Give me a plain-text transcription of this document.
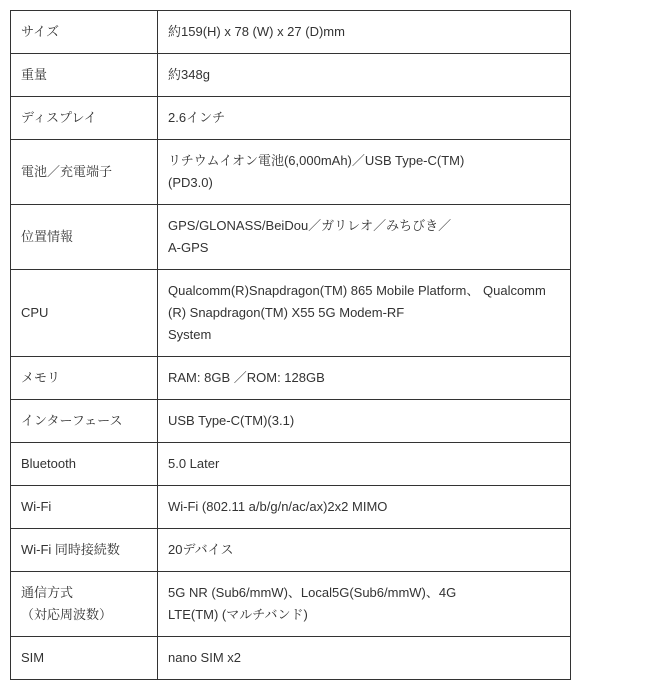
サイズ	約159(H) x 78 (W) x 27 (D)mm
重量	約348g
ディスプレイ	2.6インチ
電池／充電端子	リチウムイオン電池(6,000mAh)／USB Type-C(TM)
(PD3.0)
位置情報	GPS/GLONASS/BeiDou／ガリレオ／みちびき／
A-GPS
CPU	Qualcomm(R)Snapdragon(TM) 865 Mobile Platform、 Qualcomm(R) Snapdragon(TM) X55 5G Modem-RF
System
メモリ	RAM: 8GB ／ROM: 128GB
インターフェース	USB Type-C(TM)(3.1)
Bluetooth	5.0 Later
Wi-Fi	Wi-Fi (802.11 a/b/g/n/ac/ax)2x2 MIMO
Wi-Fi 同時接続数	20デバイス
通信方式
（対応周波数）	5G NR (Sub6/mmW)、Local5G(Sub6/mmW)、4G
LTE(TM) (マルチバンド)
SIM	nano SIM x2
